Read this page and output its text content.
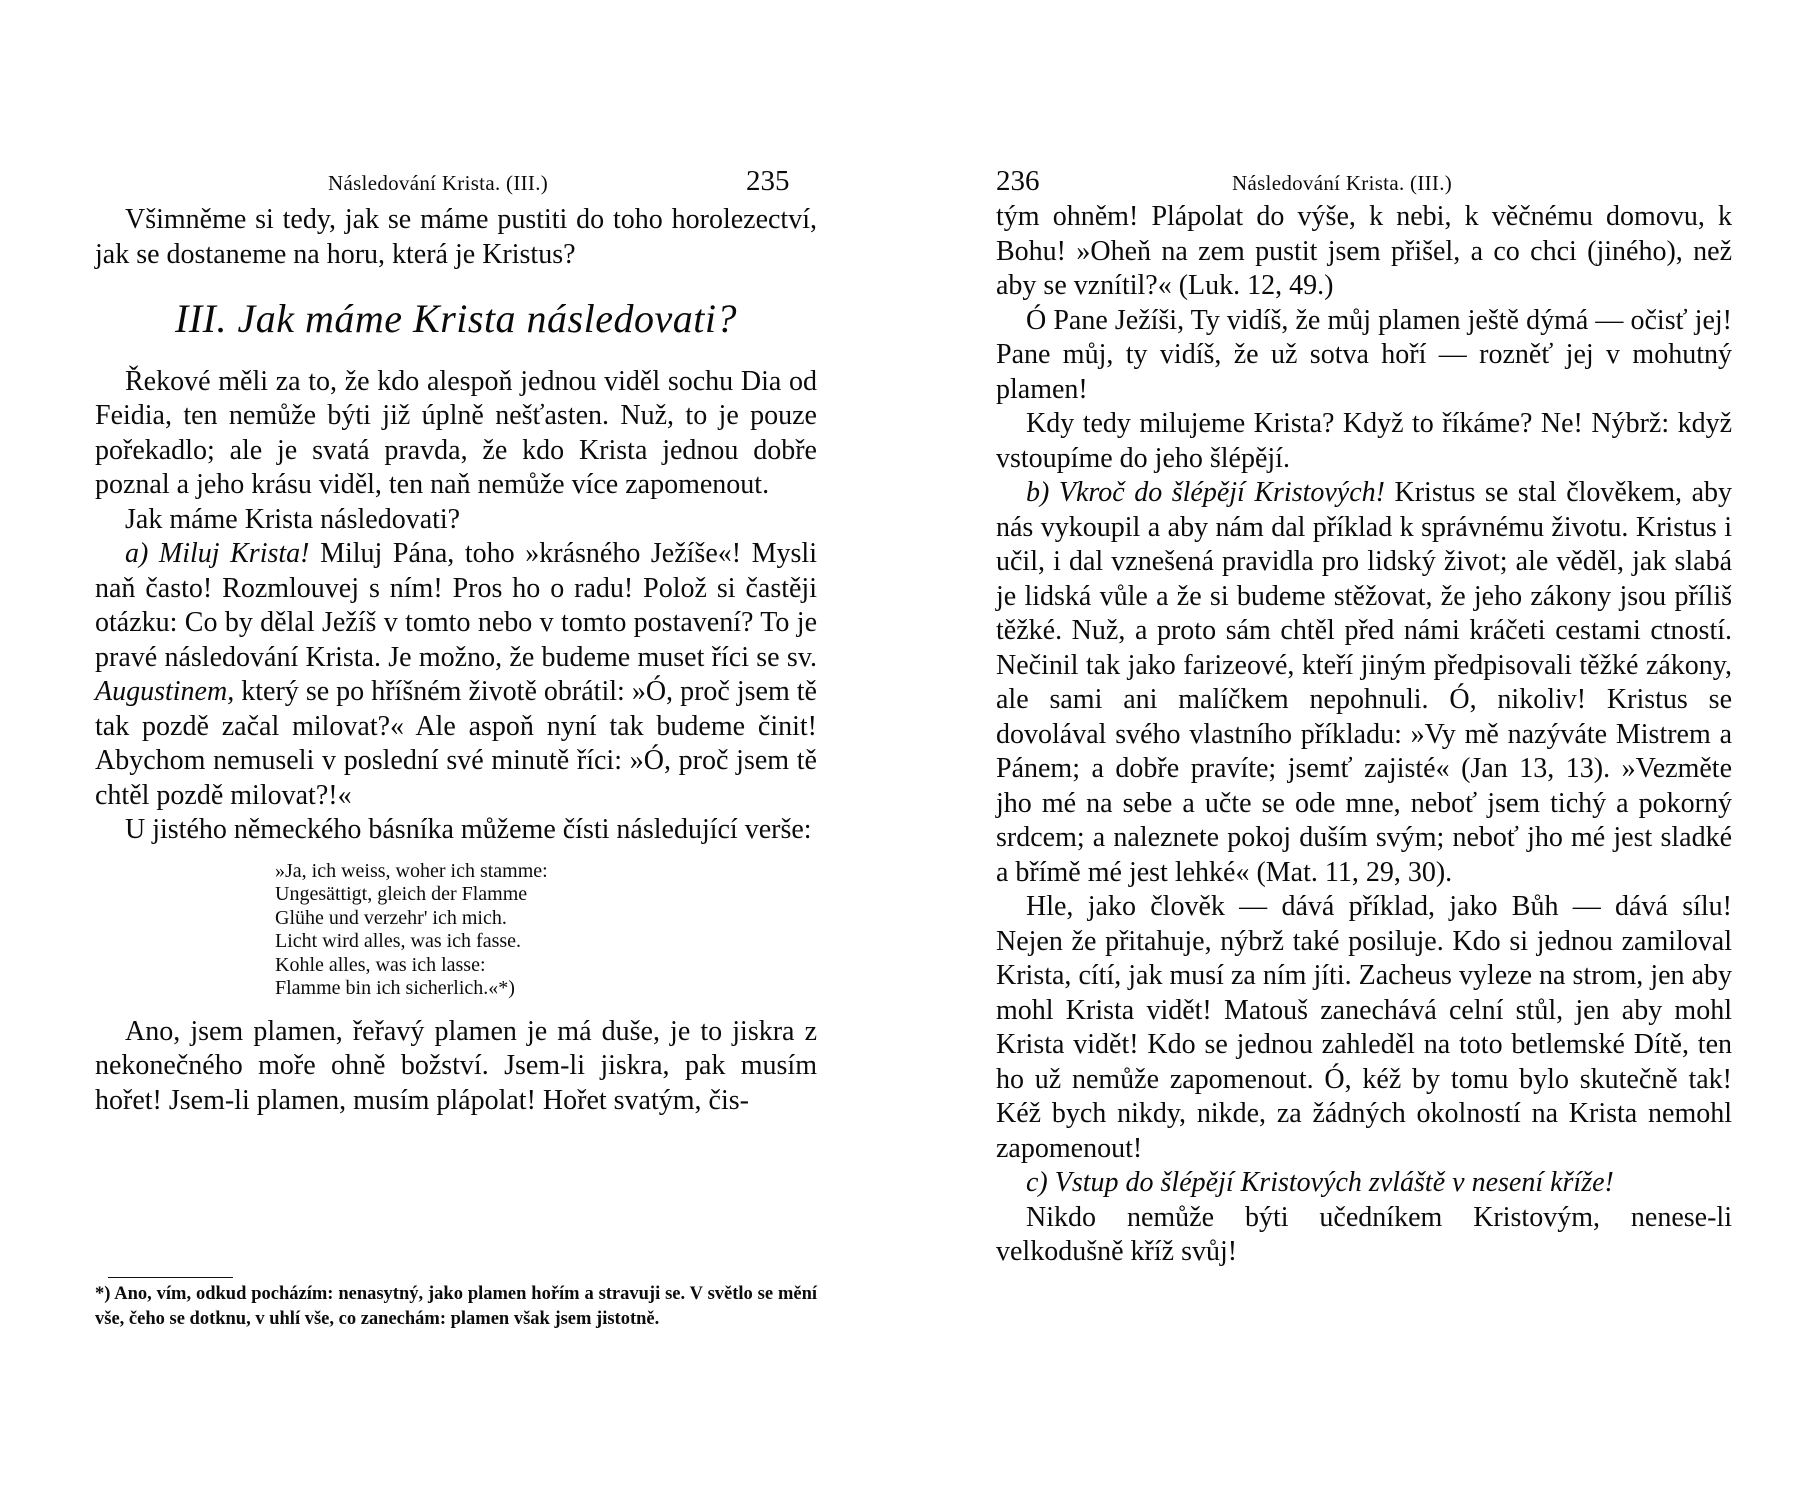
Následování Krista. (III.)	235

Všimněme si tedy, jak se máme pustiti do toho horolezectví, jak se dostaneme na horu, která je Kristus?

III. Jak máme Krista následovati?

Řekové měli za to, že kdo alespoň jednou viděl sochu Dia od Feidia, ten nemůže býti již úplně nešťasten. Nuž, to je pouze pořekadlo; ale je svatá pravda, že kdo Krista jednou dobře poznal a jeho krásu viděl, ten naň nemůže více zapomenout.

Jak máme Krista následovati?

a) Miluj Krista! Miluj Pána, toho »krásného Ježíše«! Mysli naň často! Rozmlouvej s ním! Pros ho o radu! Polož si častěji otázku: Co by dělal Ježíš v tomto nebo v tomto postavení? To je pravé následování Krista. Je možno, že budeme muset říci se sv. Augustinem, který se po hříšném životě obrátil: »Ó, proč jsem tě tak pozdě začal milovat?« Ale aspoň nyní tak budeme činit! Abychom nemuseli v poslední své minutě říci: »Ó, proč jsem tě chtěl pozdě milovat?!«

U jistého německého básníka můžeme čísti následující verše:

»Ja, ich weiss, woher ich stamme:
Ungesättigt, gleich der Flamme
Glühe und verzehr' ich mich.
Licht wird alles, was ich fasse.
Kohle alles, was ich lasse:
Flamme bin ich sicherlich.«*)

Ano, jsem plamen, řeřavý plamen je má duše, je to jiskra z nekonečného moře ohně božství. Jsem-li jiskra, pak musím hořet! Jsem-li plamen, musím plápolat! Hořet svatým, čis-

*) Ano, vím, odkud pocházím: nenasytný, jako plamen hořím a stravuji se. V světlo se mění vše, čeho se dotknu, v uhlí vše, co zanechám: plamen však jsem jistotně.
236	Následování Krista. (III.)

tým ohněm! Plápolat do výše, k nebi, k věčnému domovu, k Bohu! »Oheň na zem pustit jsem přišel, a co chci (jiného), než aby se vznítil?« (Luk. 12, 49.)

Ó Pane Ježíši, Ty vidíš, že můj plamen ještě dýmá — očisť jej! Pane můj, ty vidíš, že už sotva hoří — rozněť jej v mohutný plamen!

Kdy tedy milujeme Krista? Když to říkáme? Ne! Nýbrž: když vstoupíme do jeho šlépějí.

b) Vkroč do šlépějí Kristových! Kristus se stal člověkem, aby nás vykoupil a aby nám dal příklad k správnému životu. Kristus i učil, i dal vznešená pravidla pro lidský život; ale věděl, jak slabá je lidská vůle a že si budeme stěžovat, že jeho zákony jsou příliš těžké. Nuž, a proto sám chtěl před námi kráčeti cestami ctností. Nečinil tak jako farizeové, kteří jiným předpisovali těžké zákony, ale sami ani malíčkem nepohnuli. Ó, nikoliv! Kristus se dovolával svého vlastního příkladu: »Vy mě nazýváte Mistrem a Pánem; a dobře pravíte; jsemť zajisté« (Jan 13, 13). »Vezměte jho mé na sebe a učte se ode mne, neboť jsem tichý a pokorný srdcem; a naleznete pokoj duším svým; neboť jho mé jest sladké a břímě mé jest lehké« (Mat. 11, 29, 30).

Hle, jako člověk — dává příklad, jako Bůh — dává sílu! Nejen že přitahuje, nýbrž také posiluje. Kdo si jednou zamiloval Krista, cítí, jak musí za ním jíti. Zacheus vyleze na strom, jen aby mohl Krista vidět! Matouš zanechává celní stůl, jen aby mohl Krista vidět! Kdo se jednou zahleděl na toto betlemské Dítě, ten ho už nemůže zapomenout. Ó, kéž by tomu bylo skutečně tak! Kéž bych nikdy, nikde, za žádných okolností na Krista nemohl zapomenout!

c) Vstup do šlépějí Kristových zvláště v nesení kříže!

Nikdo nemůže býti učedníkem Kristovým, nenese-li velkodušně kříž svůj!
